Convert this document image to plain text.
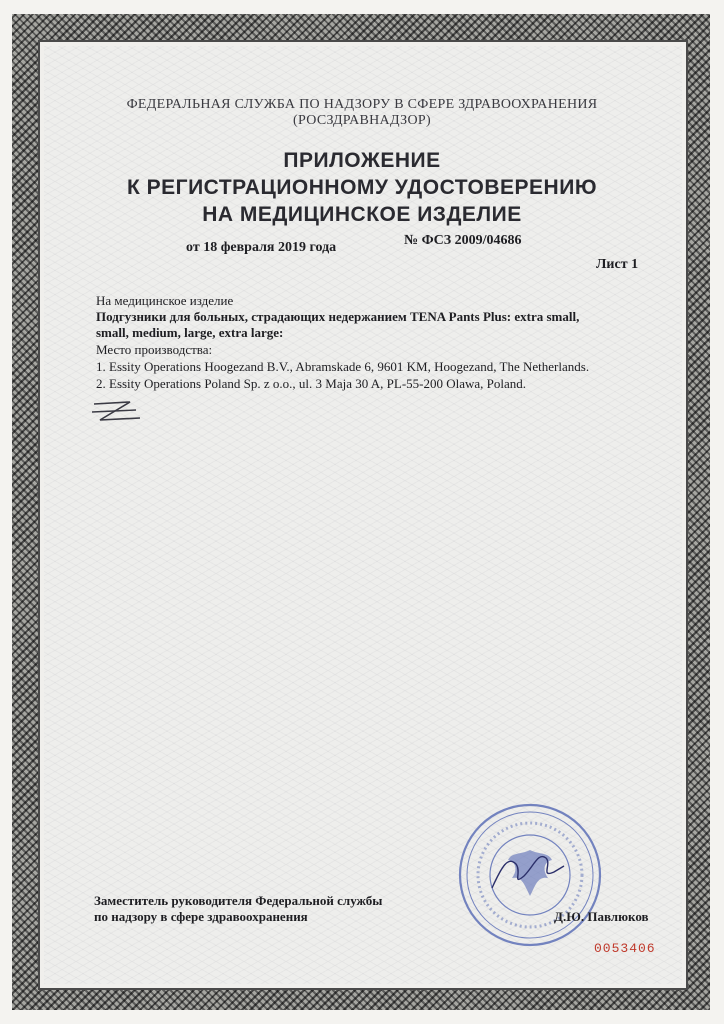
ФЕДЕРАЛЬНАЯ СЛУЖБА ПО НАДЗОРУ В СФЕРЕ ЗДРАВООХРАНЕНИЯ
(РОСЗДРАВНАДЗОР)
ПРИЛОЖЕНИЕ
К РЕГИСТРАЦИОННОМУ УДОСТОВЕРЕНИЮ
НА МЕДИЦИНСКОЕ ИЗДЕЛИЕ
от 18 февраля 2019 года	№ ФСЗ 2009/04686
Лист 1
На медицинское изделие
Подгузники для больных, страдающих недержанием TENA Pants Plus: extra small,
small, medium, large, extra large:
Место производства:
1. Essity Operations Hoogezand B.V., Abramskade 6, 9601 KM, Hoogezand, The Netherlands.
2. Essity Operations Poland Sp. z o.o., ul. 3 Maja 30 A, PL-55-200 Olawa, Poland.
Заместитель руководителя Федеральной службы
по надзору в сфере здравоохранения	Д.Ю. Павлюков
0053406
